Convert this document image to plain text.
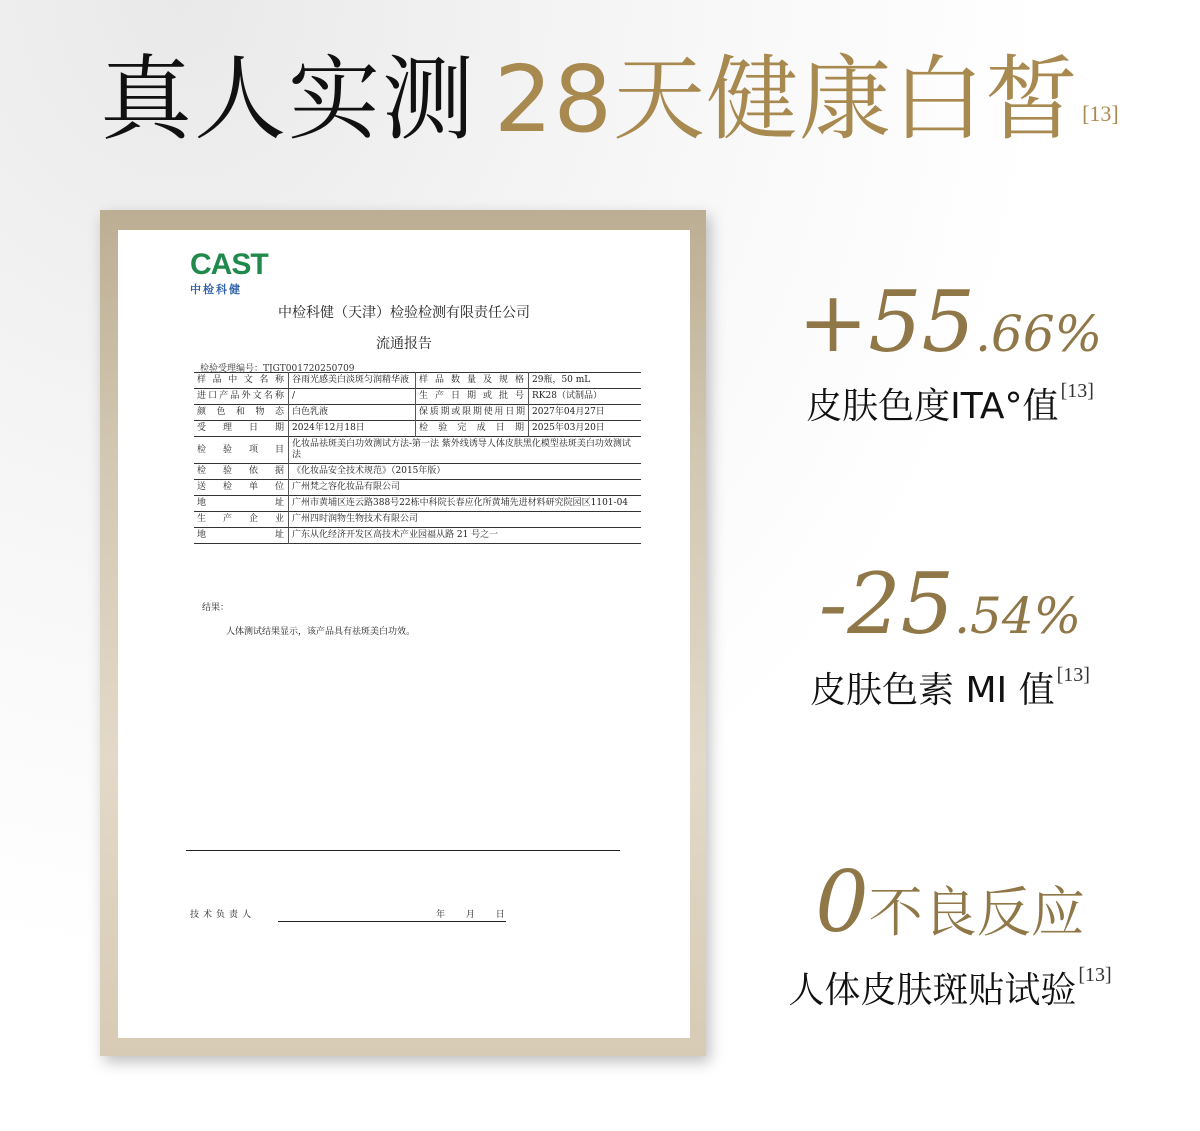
真人实测 28天健康白皙 [13]
CAST
中检科健
中检科健（天津）检验检测有限责任公司
流通报告
检验受理编号：TJGT001720250709
样品中文名称	谷雨光感美白淡斑匀润精华液	样品数量及规格	29瓶，50 mL
进口产品外文名称	/	生产日期或批号	RK28（试制品）
颜色和物态	白色乳液	保质期或限期使用日期	2027年04月27日
受理日期	2024年12月18日	检验完成日期	2025年03月20日
检验项目	化妆品祛斑美白功效测试方法-第一法 紫外线诱导人体皮肤黑化模型祛斑美白功效测试法		
检验依据	《化妆品安全技术规范》（2015年版）		
送检单位	广州梵之容化妆品有限公司		
地址	广州市黄埔区连云路388号22栋中科院长春应化所黄埔先进材料研究院园区1101-04		
生产企业	广州四时润物生物技术有限公司		
地址	广东从化经济开发区高技术产业园福从路 21 号之一		
结果：
人体测试结果显示，该产品具有祛斑美白功效。
技术负责人	年 月 日
+55.66%
皮肤色度ITA°值 [13]
-25.54%
皮肤色素 MI 值 [13]
0不良反应
人体皮肤斑贴试验 [13]
